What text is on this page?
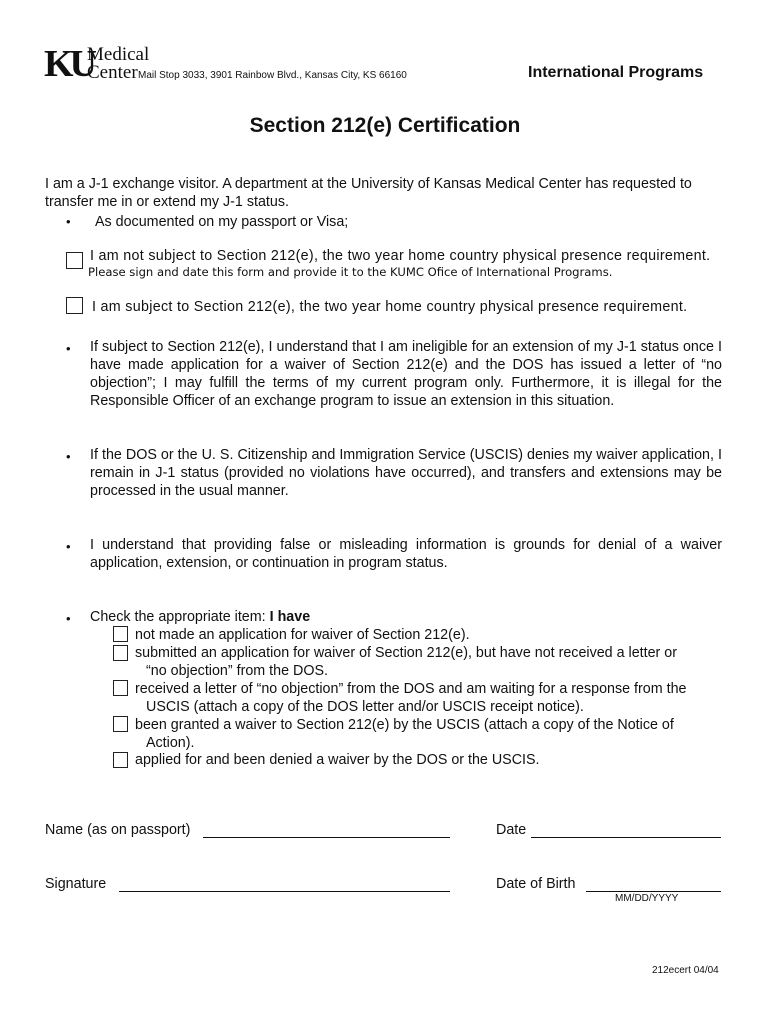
KU
Medical
Center Mail Stop 3033, 3901 Rainbow Blvd., Kansas City, KS 66160	International Programs
Section 212(e) Certification
I am a J-1 exchange visitor. A department at the University of Kansas Medical Center has requested to transfer me in or extend my J-1 status.
• As documented on my passport or Visa;
I am not subject to Section 212(e), the two year home country physical presence requirement.
Please sign and date this form and provide it to the KUMC Ofice of International Programs.
I am subject to Section 212(e), the two year home country physical presence requirement.
• If subject to Section 212(e), I understand that I am ineligible for an extension of my J-1 status once I have made application for a waiver of Section 212(e) and the DOS has issued a letter of “no objection”; I may fulfill the terms of my current program only. Furthermore, it is illegal for the Responsible Officer of an exchange program to issue an extension in this situation.
• If the DOS or the U. S. Citizenship and Immigration Service (USCIS) denies my waiver application, I remain in J-1 status (provided no violations have occurred), and transfers and extensions may be processed in the usual manner.
• I understand that providing false or misleading information is grounds for denial of a waiver application, extension, or continuation in program status.
• Check the appropriate item: I have
not made an application for waiver of Section 212(e).
submitted an application for waiver of Section 212(e), but have not received a letter or
“no objection” from the DOS.
received a letter of “no objection” from the DOS and am waiting for a response from the
USCIS (attach a copy of the DOS letter and/or USCIS receipt notice).
been granted a waiver to Section 212(e) by the USCIS (attach a copy of the Notice of
Action).
applied for and been denied a waiver by the DOS or the USCIS.
Name (as on passport)	Date
Signature	Date of Birth
MM/DD/YYYY
212ecert 04/04
